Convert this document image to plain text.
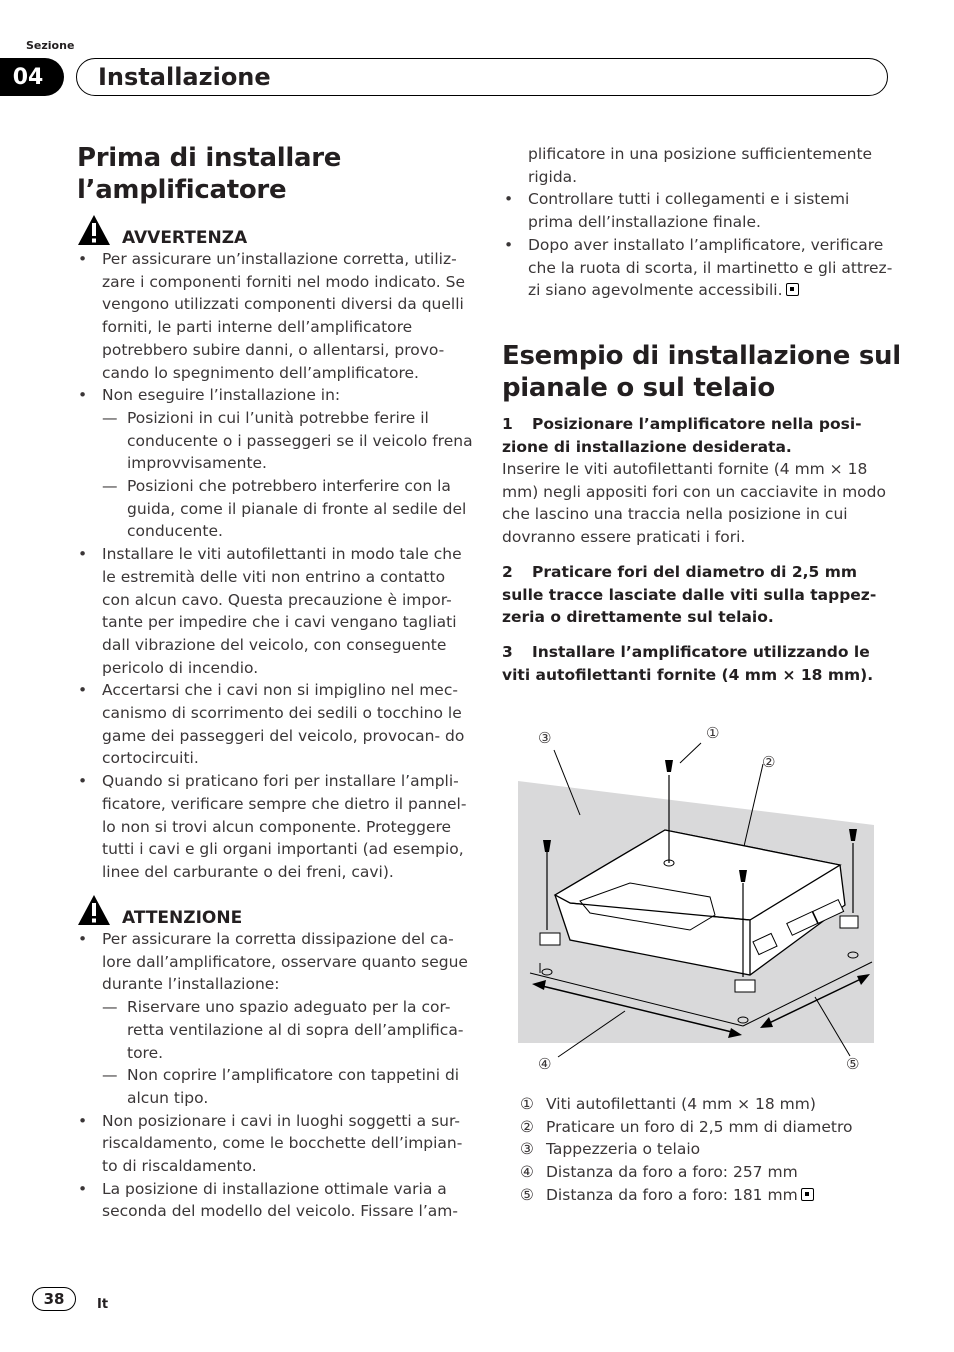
Sezione
04	Installazione
Prima di installare
l’amplificatore
AVVERTENZA
• Per assicurare un’installazione corretta, utiliz- zare i componenti forniti nel modo indicato. Se vengono utilizzati componenti diversi da quelli forniti, le parti interne dell’amplificatore potrebbero subire danni, o allentarsi, provo- cando lo spegnimento dell’amplificatore.
• Non eseguire l’installazione in:
— Posizioni in cui l’unità potrebbe ferire il conducente o i passeggeri se il veicolo frena improvvisamente.
— Posizioni che potrebbero interferire con la guida, come il pianale di fronte al sedile del conducente.
• Installare le viti autofilettanti in modo tale che le estremità delle viti non entrino a contatto con alcun cavo. Questa precauzione è impor- tante per impedire che i cavi vengano tagliati dall vibrazione del veicolo, con conseguente pericolo di incendio.
• Accertarsi che i cavi non si impiglino nel mec- canismo di scorrimento dei sedili o tocchino le game dei passeggeri del veicolo, provocan- do cortocircuiti.
• Quando si praticano fori per installare l’ampli- ficatore, verificare sempre che dietro il pannel- lo non si trovi alcun componente. Proteggere tutti i cavi e gli organi importanti (ad esempio, linee del carburante o dei freni, cavi).
ATTENZIONE
• Per assicurare la corretta dissipazione del ca- lore dall’amplificatore, osservare quanto segue durante l’installazione:
— Riservare uno spazio adeguato per la cor- retta ventilazione al di sopra dell’amplifica- tore.
— Non coprire l’amplificatore con tappetini di alcun tipo.
• Non posizionare i cavi in luoghi soggetti a sur- riscaldamento, come le bocchette dell’impian- to di riscaldamento.
• La posizione di installazione ottimale varia a seconda del modello del veicolo. Fissare l’am-
plificatore in una posizione sufficientemente rigida.
• Controllare tutti i collegamenti e i sistemi prima dell’installazione finale.
• Dopo aver installato l’amplificatore, verificare che la ruota di scorta, il martinetto e gli attrez- zi siano agevolmente accessibili.
Esempio di installazione sul
pianale o sul telaio
1 Posizionare l’amplificatore nella posi- zione di installazione desiderata.
Inserire le viti autofilettanti fornite (4 mm × 18 mm) negli appositi fori con un cacciavite in modo che lascino una traccia nella posizione in cui dovranno essere praticati i fori.
2 Praticare fori del diametro di 2,5 mm sulle tracce lasciate dalle viti sulla tappez- zeria o direttamente sul telaio.
3 Installare l’amplificatore utilizzando le viti autofilettanti fornite (4 mm × 18 mm).
③	①
②
④	⑤
① Viti autofilettanti (4 mm × 18 mm)
② Praticare un foro di 2,5 mm di diametro
③ Tappezzeria o telaio
④ Distanza da foro a foro: 257 mm
⑤ Distanza da foro a foro: 181 mm
38	It
